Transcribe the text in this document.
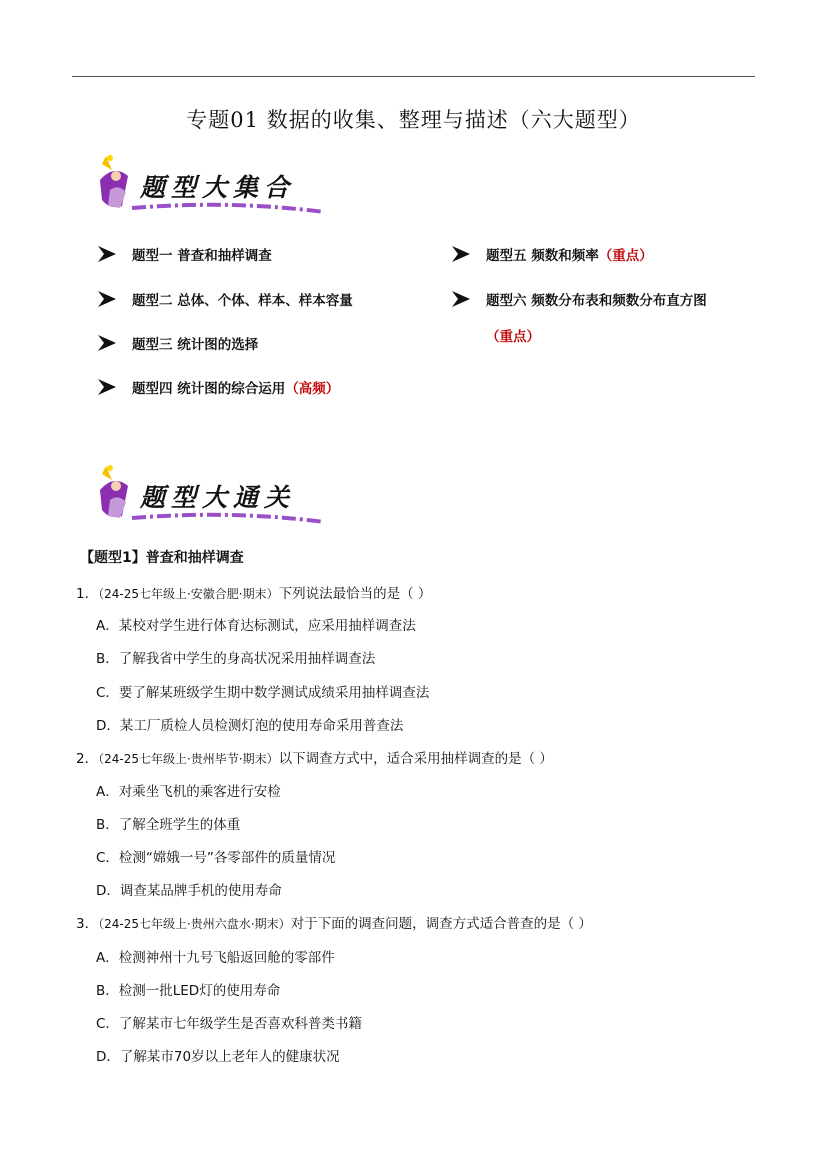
专题01 数据的收集、整理与描述（六大题型）
题型大集合
题型一 普查和抽样调查
题型二 总体、个体、样本、样本容量
题型三 统计图的选择
题型四 统计图的综合运用 （高频）
题型五 频数和频率 （重点）
题型六 频数分布表和频数分布直方图
（重点）
题型大通关
【题型1】普查和抽样调查
1．（24-25七年级上·安徽合肥·期末）下列说法最恰当的是（ ）
A．某校对学生进行体育达标测试，应采用抽样调查法
B．了解我省中学生的身高状况采用抽样调查法
C．要了解某班级学生期中数学测试成绩采用抽样调查法
D．某工厂质检人员检测灯泡的使用寿命采用普查法
2．（24-25七年级上·贵州毕节·期末）以下调查方式中，适合采用抽样调查的是（ ）
A．对乘坐飞机的乘客进行安检
B．了解全班学生的体重
C．检测“嫦娥一号”各零部件的质量情况
D．调查某品牌手机的使用寿命
3．（24-25七年级上·贵州六盘水·期末）对于下面的调查问题，调查方式适合普查的是（ ）
A．检测神州十九号飞船返回舱的零部件
B．检测一批LED灯的使用寿命
C．了解某市七年级学生是否喜欢科普类书籍
D．了解某市70岁以上老年人的健康状况
